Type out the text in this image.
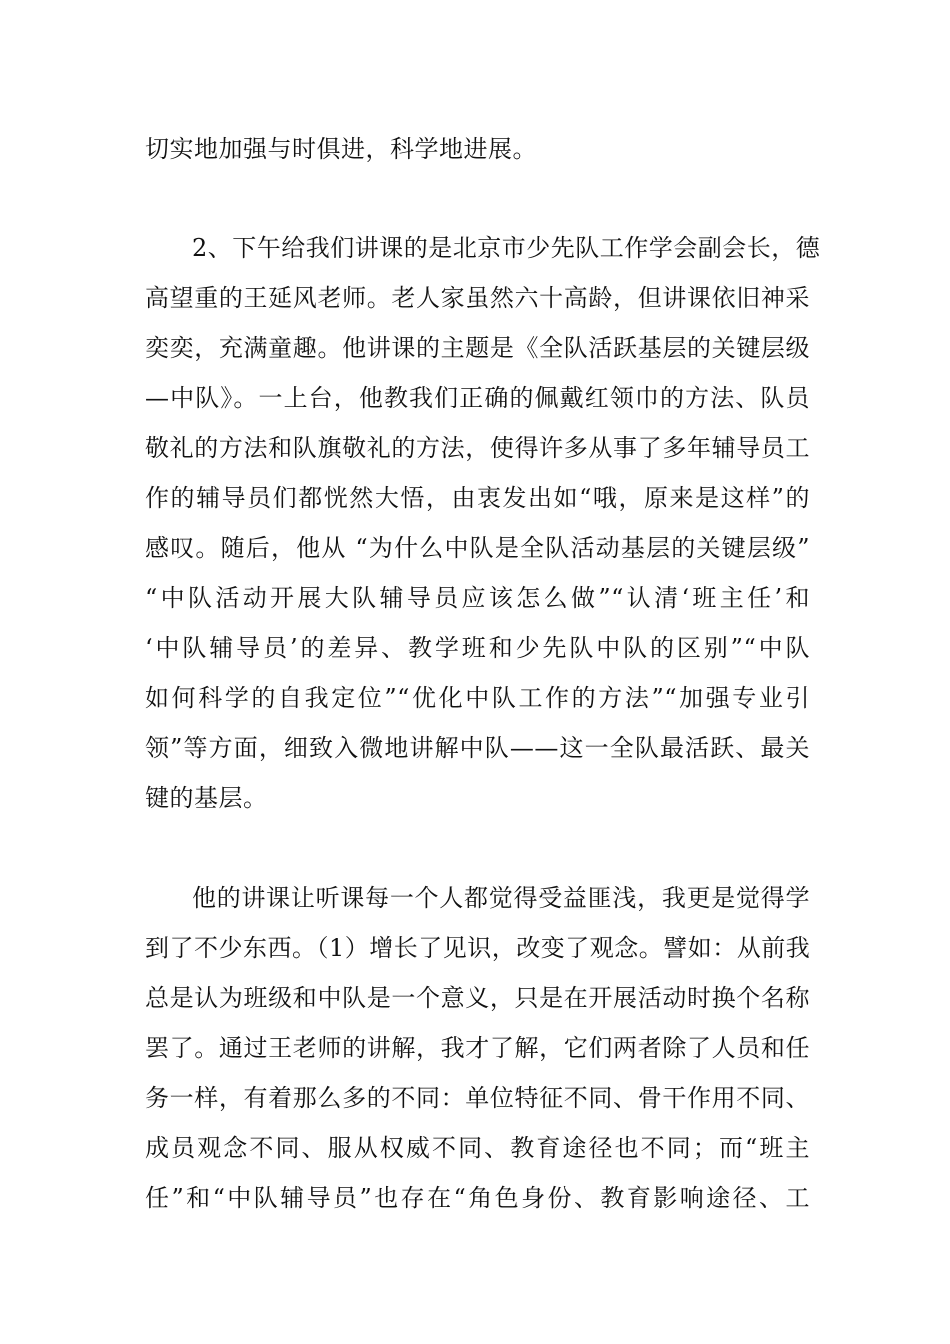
切实地加强与时俱进，科学地进展。
2、下午给我们讲课的是北京市少先队工作学会副会长，德
高望重的王延风老师。老人家虽然六十高龄，但讲课依旧神采
奕奕，充满童趣。他讲课的主题是《全队活跃基层的关键层级
—中队》。一上台，他教我们正确的佩戴红领巾的方法、队员
敬礼的方法和队旗敬礼的方法，使得许多从事了多年辅导员工
作的辅导员们都恍然大悟，由衷发出如“哦，原来是这样”的
感叹。随后，他从 “为什么中队是全队活动基层的关键层级”
“中队活动开展大队辅导员应该怎么做”“认清‘班主任’和
‘中队辅导员’的差异、教学班和少先队中队的区别”“中队
如何科学的自我定位”“优化中队工作的方法”“加强专业引
领”等方面，细致入微地讲解中队——这一全队最活跃、最关
键的基层。
他的讲课让听课每一个人都觉得受益匪浅，我更是觉得学
到了不少东西。（1）增长了见识，改变了观念。譬如：从前我
总是认为班级和中队是一个意义，只是在开展活动时换个名称
罢了。通过王老师的讲解，我才了解，它们两者除了人员和任
务一样，有着那么多的不同：单位特征不同、骨干作用不同、
成员观念不同、服从权威不同、教育途径也不同；而“班主
任”和“中队辅导员”也存在“角色身份、教育影响途径、工
